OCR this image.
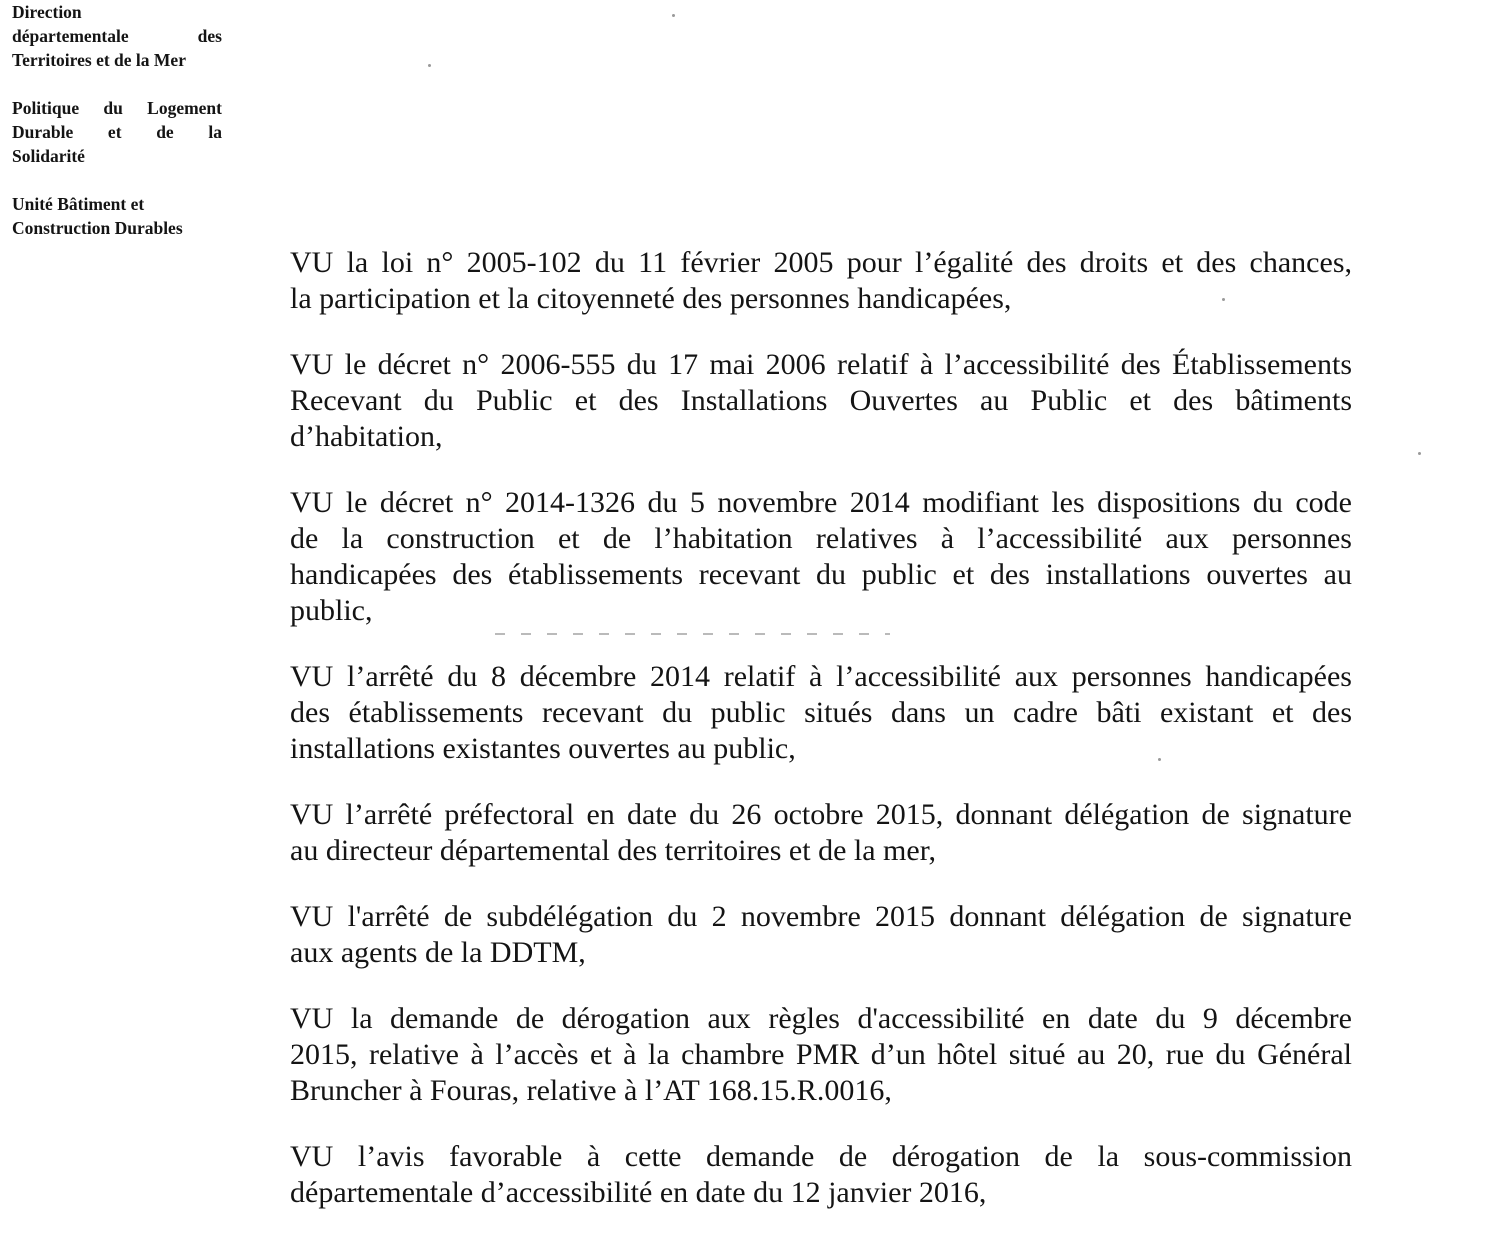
Direction

départementale des

Territoires et de la Mer

Politique du Logement

Durable et de la

Solidarité

Unité Bâtiment et

Construction Durables

VU la loi n° 2005-102 du 11 février 2005 pour l’égalité des droits et des chances,
la participation et la citoyenneté des personnes handicapées,
VU le décret n° 2006-555 du 17 mai 2006 relatif à l’accessibilité des Établissements
Recevant du Public et des Installations Ouvertes au Public et des bâtiments
d’habitation,
VU le décret n° 2014-1326 du 5 novembre 2014 modifiant les dispositions du code
de la construction et de l’habitation relatives à l’accessibilité aux personnes
handicapées des établissements recevant du public et des installations ouvertes au
public,
VU l’arrêté du 8 décembre 2014 relatif à l’accessibilité aux personnes handicapées
des établissements recevant du public situés dans un cadre bâti existant et des
installations existantes ouvertes au public,
VU l’arrêté préfectoral en date du 26 octobre 2015, donnant délégation de signature
au directeur départemental des territoires et de la mer,
VU l'arrêté de subdélégation du 2 novembre 2015 donnant délégation de signature
aux agents de la DDTM,
VU la demande de dérogation aux règles d'accessibilité en date du 9 décembre
2015, relative à l’accès et à la chambre PMR d’un hôtel situé au 20, rue du Général
Bruncher à Fouras, relative à l’AT 168.15.R.0016,
VU l’avis favorable à cette demande de dérogation de la sous-commission
départementale d’accessibilité en date du 12 janvier 2016,
